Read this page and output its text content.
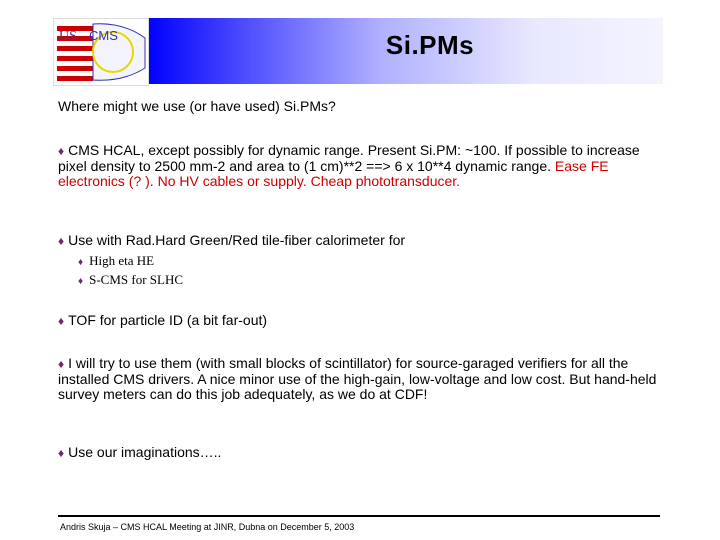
US CMS	Si.PMs
Where might we use (or have used) Si.PMs?
♦ CMS HCAL, except possibly for dynamic range. Present Si.PM: ~100. If possible to increase pixel density to 2500 mm-2 and area to (1 cm)**2 ==> 6 x 10**4 dynamic range. Ease FE electronics (? ). No HV cables or supply. Cheap phototransducer.
♦ Use with Rad.Hard Green/Red tile-fiber calorimeter for
♦ High eta HE
♦ S-CMS for SLHC
♦ TOF for particle ID (a bit far-out)
♦ I will try to use them (with small blocks of scintillator) for source-garaged verifiers for all the installed CMS drivers. A nice minor use of the high-gain, low-voltage and low cost. But hand-held survey meters can do this job adequately, as we do at CDF!
♦ Use our imaginations…..
Andris Skuja – CMS HCAL Meeting at JINR, Dubna on December 5, 2003
